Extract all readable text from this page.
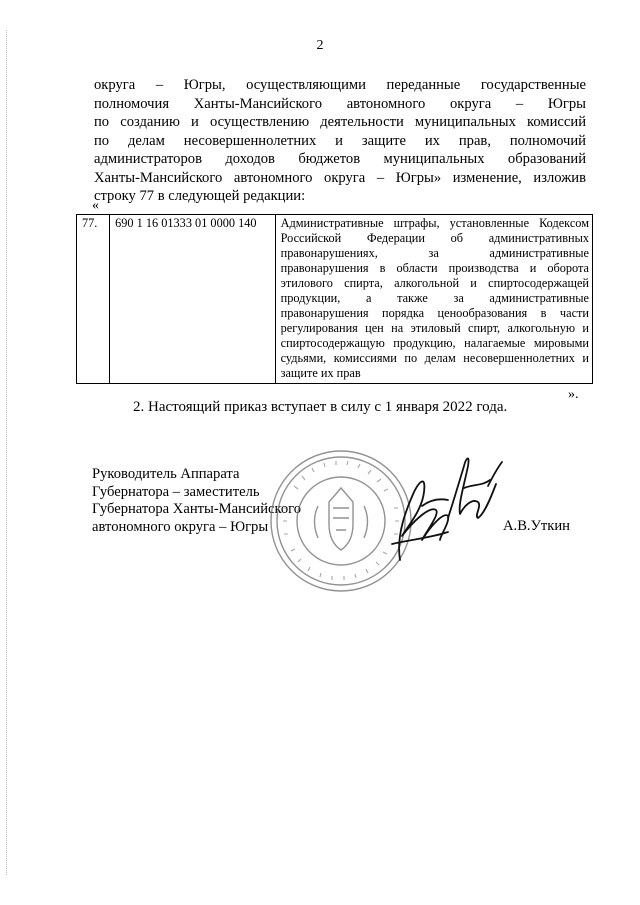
2
округа – Югры, осуществляющими переданные государственные
полномочия Ханты-Мансийского автономного округа – Югры
по созданию и осуществлению деятельности муниципальных комиссий
по делам несовершеннолетних и защите их прав, полномочий
администраторов доходов бюджетов муниципальных образований
Ханты-Мансийского автономного округа – Югры» изменение, изложив
строку 77 в следующей редакции:
«
77.	690 1 16 01333 01 0000 140	Административные штрафы, установленные Кодексом
Российской Федерации об административных
правонарушениях, за административные
правонарушения в области производства и оборота
этилового спирта, алкогольной и спиртосодержащей
продукции, а также за административные
правонарушения порядка ценообразования в части
регулирования цен на этиловый спирт, алкогольную и
спиртосодержащую продукцию, налагаемые мировыми
судьями, комиссиями по делам несовершеннолетних и
защите их прав
».
2. Настоящий приказ вступает в силу с 1 января 2022 года.
Руководитель Аппарата
Губернатора – заместитель
Губернатора Ханты-Мансийского
автономного округа – Югры	А.В.Уткин
